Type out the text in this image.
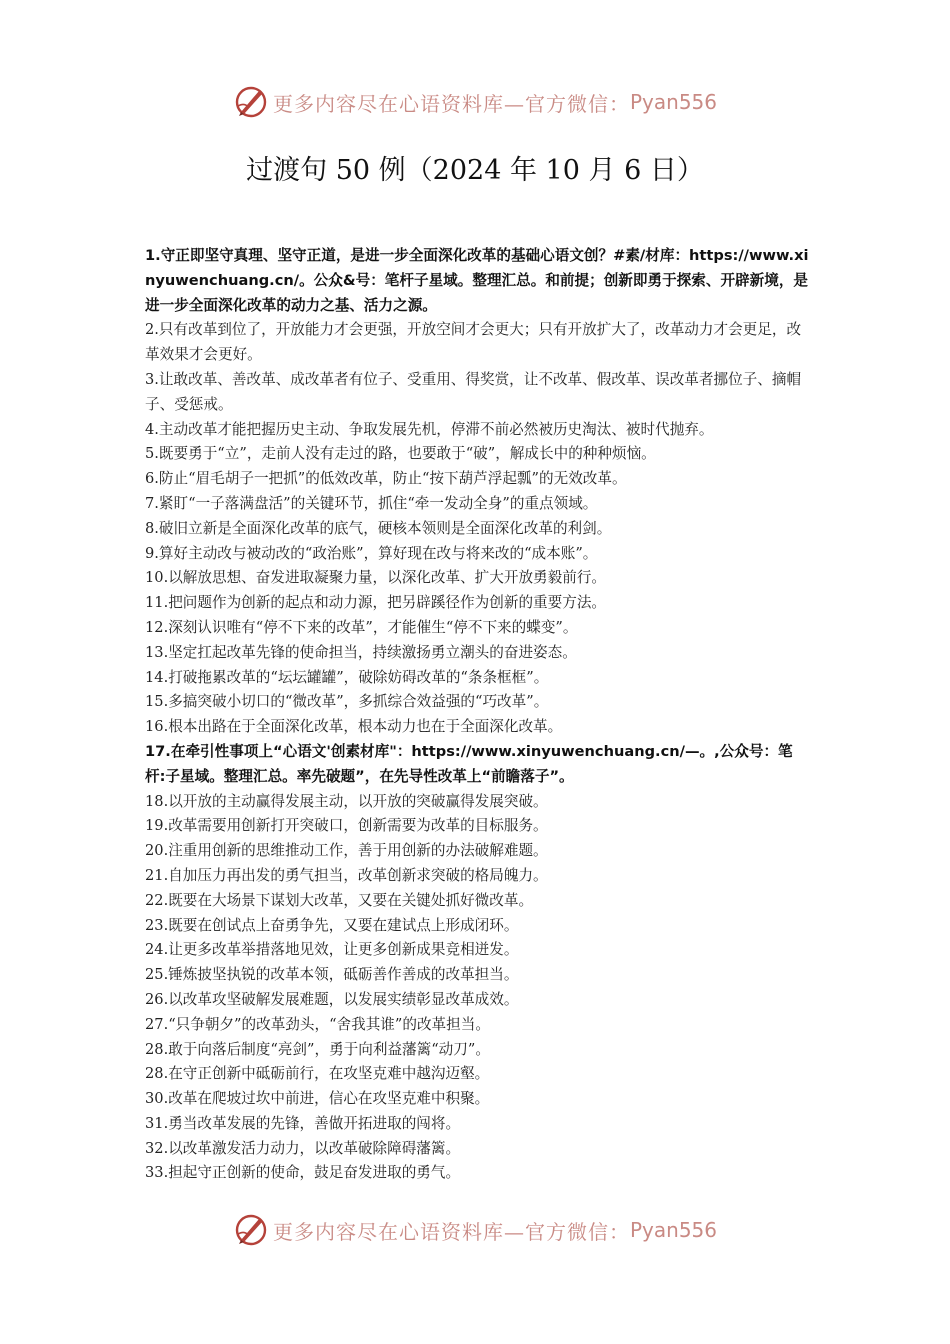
更多内容尽在心语资料库—官方微信： Pyan556
过渡句 50 例（2024 年 10 月 6 日）
1.守正即坚守真理、坚守正道，是进一步全面深化改革的基础心语文创？#素/材库：https://www.xinyuwenchuang.cn/。公众&号：笔杆子星域。整理汇总。和前提；创新即勇于探索、开辟新境，是进一步全面深化改革的动力之基、活力之源。
2.只有改革到位了，开放能力才会更强，开放空间才会更大；只有开放扩大了，改革动力才会更足，改革效果才会更好。
3.让敢改革、善改革、成改革者有位子、受重用、得奖赏，让不改革、假改革、误改革者挪位子、摘帽子、受惩戒。
4.主动改革才能把握历史主动、争取发展先机，停滞不前必然被历史淘汰、被时代抛弃。
5.既要勇于“立”，走前人没有走过的路，也要敢于“破”，解成长中的种种烦恼。
6.防止“眉毛胡子一把抓”的低效改革，防止“按下葫芦浮起瓢”的无效改革。
7.紧盯“一子落满盘活”的关键环节，抓住“牵一发动全身”的重点领域。
8.破旧立新是全面深化改革的底气，硬核本领则是全面深化改革的利剑。
9.算好主动改与被动改的“政治账”，算好现在改与将来改的“成本账”。
10.以解放思想、奋发进取凝聚力量，以深化改革、扩大开放勇毅前行。
11.把问题作为创新的起点和动力源，把另辟蹊径作为创新的重要方法。
12.深刻认识唯有“停不下来的改革”，才能催生“停不下来的蝶变”。
13.坚定扛起改革先锋的使命担当，持续激扬勇立潮头的奋进姿态。
14.打破拖累改革的“坛坛罐罐”，破除妨碍改革的“条条框框”。
15.多搞突破小切口的“微改革”，多抓综合效益强的“巧改革”。
16.根本出路在于全面深化改革，根本动力也在于全面深化改革。
17.在牵引性事项上“心语文'创素材库"：https://www.xinyuwenchuang.cn/—。,公众号：笔杆:子星域。整理汇总。率先破题”，在先导性改革上“前瞻落子”。
18.以开放的主动赢得发展主动，以开放的突破赢得发展突破。
19.改革需要用创新打开突破口，创新需要为改革的目标服务。
20.注重用创新的思维推动工作，善于用创新的办法破解难题。
21.自加压力再出发的勇气担当，改革创新求突破的格局魄力。
22.既要在大场景下谋划大改革，又要在关键处抓好微改革。
23.既要在创试点上奋勇争先，又要在建试点上形成闭环。
24.让更多改革举措落地见效，让更多创新成果竞相迸发。
25.锤炼披坚执锐的改革本领，砥砺善作善成的改革担当。
26.以改革攻坚破解发展难题，以发展实绩彰显改革成效。
27.“只争朝夕”的改革劲头，“舍我其谁”的改革担当。
28.敢于向落后制度“亮剑”，勇于向利益藩篱“动刀”。
28.在守正创新中砥砺前行，在攻坚克难中越沟迈壑。
30.改革在爬坡过坎中前进，信心在攻坚克难中积聚。
31.勇当改革发展的先锋，善做开拓进取的闯将。
32.以改革激发活力动力，以改革破除障碍藩篱。
33.担起守正创新的使命，鼓足奋发进取的勇气。
更多内容尽在心语资料库—官方微信： Pyan556
